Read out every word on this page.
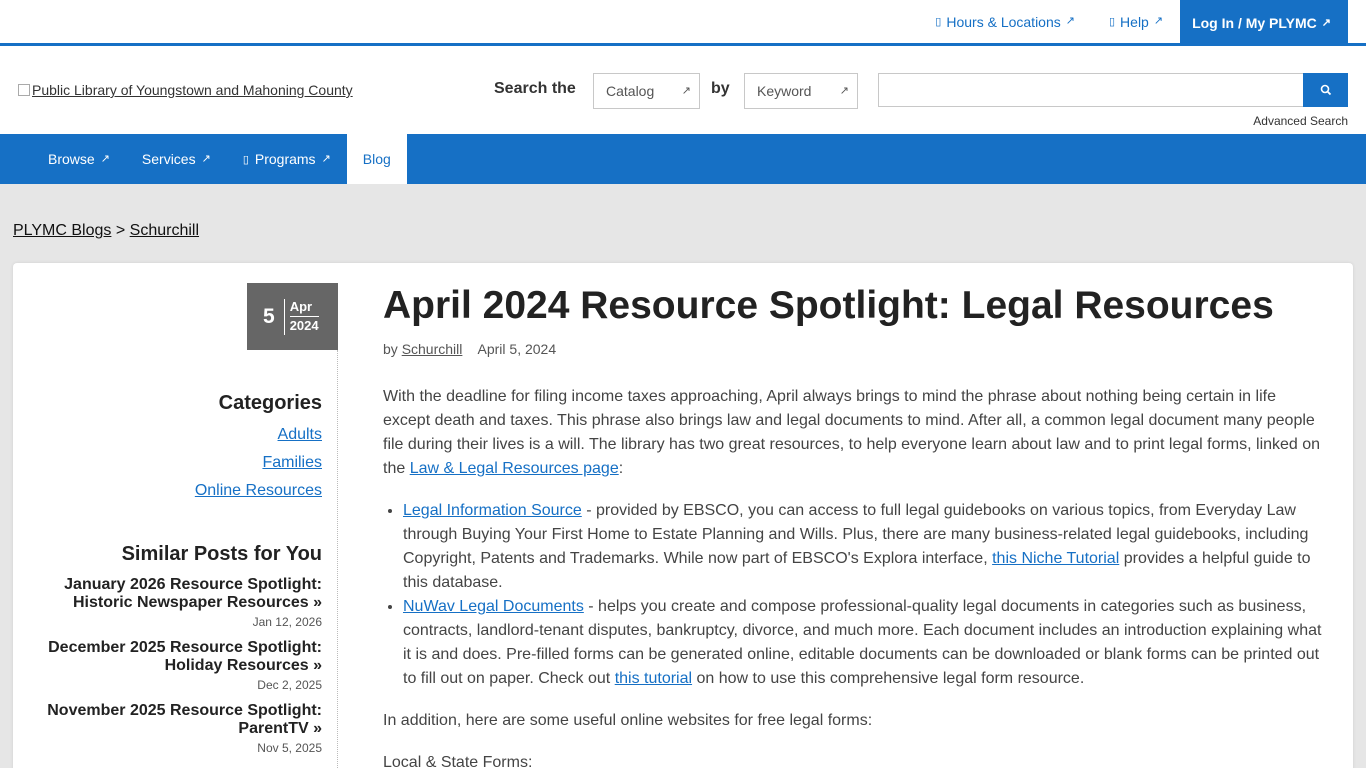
▯ Hours & Locations ↗	▯ Help ↗ Log In / My PLYMC ↗
Public Library of Youngstown and Mahoning County	Search the Catalog	↗ by Keyword	↗
Advanced Search
Browse ↗ Services ↗	▯ Programs ↗ Blog
PLYMC Blogs > Schurchill
5 Apr
2024
Categories
Adults
Families
Online Resources
Similar Posts for You
January 2026 Resource Spotlight:
Historic Newspaper Resources »
Jan 12, 2026
December 2025 Resource Spotlight:
Holiday Resources »
Dec 2, 2025
November 2025 Resource Spotlight:
ParentTV »
Nov 5, 2025
April 2024 Resource Spotlight: Legal Resources
by Schurchill April 5, 2024

With the deadline for filing income taxes approaching, April always brings to mind the phrase about nothing being certain in life except death and taxes. This phrase also brings law and legal documents to mind. After all, a common legal document many people file during their lives is a will. The library has two great resources, to help everyone learn about law and to print legal forms, linked on the Law & Legal Resources page:

• Legal Information Source - provided by EBSCO, you can access to full legal guidebooks on various topics, from Everyday Law through Buying Your First Home to Estate Planning and Wills. Plus, there are many business-related legal guidebooks, including Copyright, Patents and Trademarks. While now part of EBSCO's Explora interface, this Niche Tutorial provides a helpful guide to this database.
• NuWav Legal Documents - helps you create and compose professional-quality legal documents in categories such as business, contracts, landlord-tenant disputes, bankruptcy, divorce, and much more. Each document includes an introduction explaining what it is and does. Pre-filled forms can be generated online, editable documents can be downloaded or blank forms can be printed out to fill out on paper. Check out this tutorial on how to use this comprehensive legal form resource.

In addition, here are some useful online websites for free legal forms:

Local & State Forms:
